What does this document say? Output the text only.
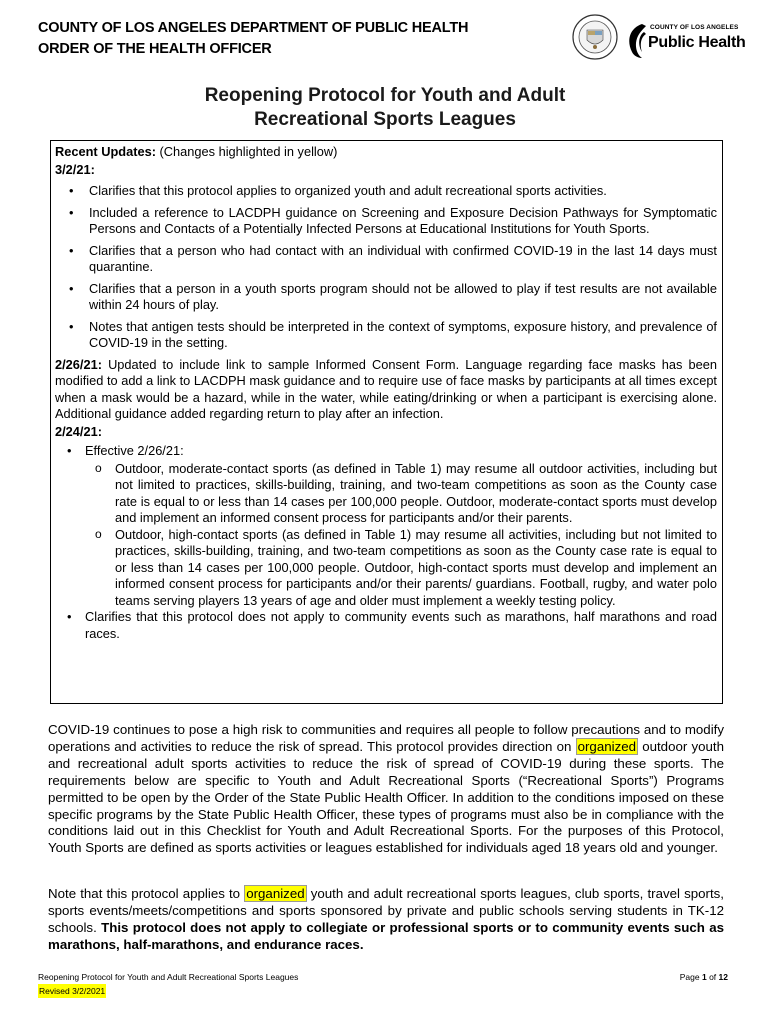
COUNTY OF LOS ANGELES DEPARTMENT OF PUBLIC HEALTH
ORDER OF THE HEALTH OFFICER
COUNTY OF LOS ANGELES
Public Health
Reopening Protocol for Youth and Adult
Recreational Sports Leagues
Recent Updates: (Changes highlighted in yellow)
3/2/21:
• Clarifies that this protocol applies to organized youth and adult recreational sports activities.
• Included a reference to LACDPH guidance on Screening and Exposure Decision Pathways for Symptomatic Persons and Contacts of a Potentially Infected Persons at Educational Institutions for Youth Sports.
• Clarifies that a person who had contact with an individual with confirmed COVID-19 in the last 14 days must quarantine.
• Clarifies that a person in a youth sports program should not be allowed to play if test results are not available within 24 hours of play.
• Notes that antigen tests should be interpreted in the context of symptoms, exposure history, and prevalence of COVID-19 in the setting.

2/26/21: Updated to include link to sample Informed Consent Form. Language regarding face masks has been modified to add a link to LACDPH mask guidance and to require use of face masks by participants at all times except when a mask would be a hazard, while in the water, while eating/drinking or when a participant is exercising alone. Additional guidance added regarding return to play after an infection.

2/24/21:
• Effective 2/26/21:
o Outdoor, moderate-contact sports (as defined in Table 1) may resume all outdoor activities, including but not limited to practices, skills-building, training, and two-team competitions as soon as the County case rate is equal to or less than 14 cases per 100,000 people. Outdoor, moderate-contact sports must develop and implement an informed consent process for participants and/or their parents.
o Outdoor, high-contact sports (as defined in Table 1) may resume all activities, including but not limited to practices, skills-building, training, and two-team competitions as soon as the County case rate is equal to or less than 14 cases per 100,000 people. Outdoor, high-contact sports must develop and implement an informed consent process for participants and/or their parents/ guardians. Football, rugby, and water polo teams serving players 13 years of age and older must implement a weekly testing policy.
• Clarifies that this protocol does not apply to community events such as marathons, half marathons and road races.

COVID-19 continues to pose a high risk to communities and requires all people to follow precautions and to modify operations and activities to reduce the risk of spread. This protocol provides direction on organized outdoor youth and recreational adult sports activities to reduce the risk of spread of COVID-19 during these sports. The requirements below are specific to Youth and Adult Recreational Sports (“Recreational Sports”) Programs permitted to be open by the Order of the State Public Health Officer. In addition to the conditions imposed on these specific programs by the State Public Health Officer, these types of programs must also be in compliance with the conditions laid out in this Checklist for Youth and Adult Recreational Sports. For the purposes of this Protocol, Youth Sports are defined as sports activities or leagues established for individuals aged 18 years old and younger.

Note that this protocol applies to organized youth and adult recreational sports leagues, club sports, travel sports, sports events/meets/competitions and sports sponsored by private and public schools serving students in TK-12 schools. This protocol does not apply to collegiate or professional sports or to community events such as marathons, half-marathons, and endurance races.

Reopening Protocol for Youth and Adult Recreational Sports Leagues
Revised 3/2/2021
Page 1 of 12
